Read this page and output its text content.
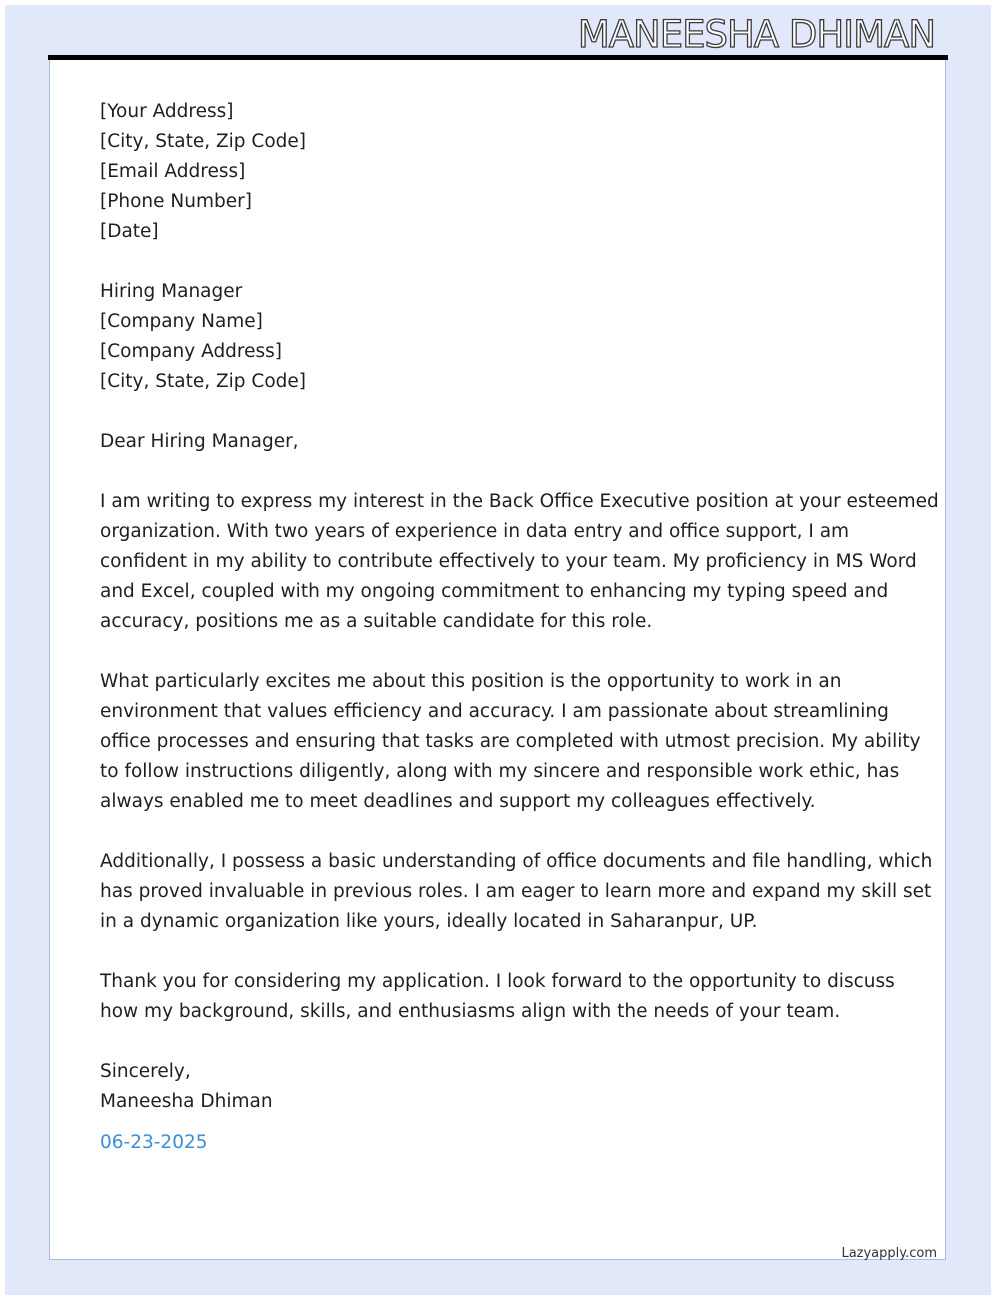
MANEESHA DHIMAN
[Your Address]
[City, State, Zip Code]
[Email Address]
[Phone Number]
[Date]
Hiring Manager
[Company Name]
[Company Address]
[City, State, Zip Code]
Dear Hiring Manager,
I am writing to express my interest in the Back Office Executive position at your esteemed
organization. With two years of experience in data entry and office support, I am
confident in my ability to contribute effectively to your team. My proficiency in MS Word
and Excel, coupled with my ongoing commitment to enhancing my typing speed and
accuracy, positions me as a suitable candidate for this role.
What particularly excites me about this position is the opportunity to work in an
environment that values efficiency and accuracy. I am passionate about streamlining
office processes and ensuring that tasks are completed with utmost precision. My ability
to follow instructions diligently, along with my sincere and responsible work ethic, has
always enabled me to meet deadlines and support my colleagues effectively.
Additionally, I possess a basic understanding of office documents and file handling, which
has proved invaluable in previous roles. I am eager to learn more and expand my skill set
in a dynamic organization like yours, ideally located in Saharanpur, UP.
Thank you for considering my application. I look forward to the opportunity to discuss
how my background, skills, and enthusiasms align with the needs of your team.
Sincerely,
Maneesha Dhiman
06-23-2025
Lazyapply.com
